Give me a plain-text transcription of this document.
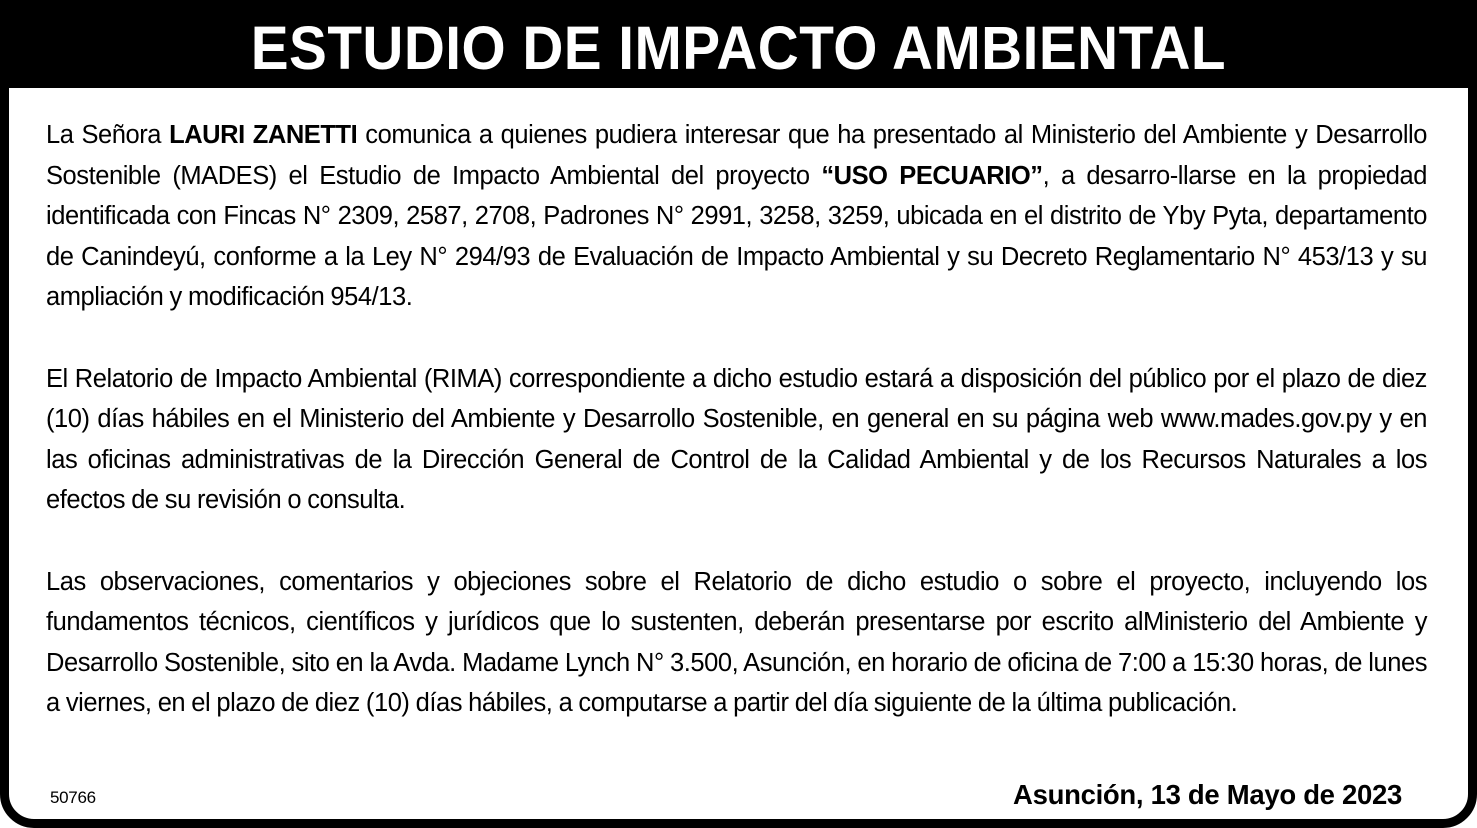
ESTUDIO DE IMPACTO AMBIENTAL

La Señora LAURI ZANETTI comunica a quienes pudiera interesar que ha presentado al Ministerio del Ambiente y Desarrollo Sostenible (MADES) el Estudio de Impacto Ambiental del proyecto “USO PECUARIO”, a desarro-llarse en la propiedad identificada con Fincas N° 2309, 2587, 2708, Padrones N° 2991, 3258, 3259, ubicada en el distrito de Yby Pyta, departamento de Canindeyú, conforme a la Ley N° 294/93 de Evaluación de Impacto Ambiental y su Decreto Reglamentario N° 453/13 y su ampliación y modificación 954/13.

El Relatorio de Impacto Ambiental (RIMA) correspondiente a dicho estudio estará a disposición del público por el plazo de diez (10) días hábiles en el Ministerio del Ambiente y Desarrollo Sostenible, en general en su página web www.mades.gov.py y en las oficinas administrativas de la Dirección General de Control de la Calidad Ambiental y de los Recursos Naturales a los efectos de su revisión o consulta.

Las observaciones, comentarios y objeciones sobre el Relatorio de dicho estudio o sobre el proyecto, incluyendo los fundamentos técnicos, científicos y jurídicos que lo sustenten, deberán presentarse por escrito alMinisterio del Ambiente y Desarrollo Sostenible, sito en la Avda. Madame Lynch N° 3.500, Asunción, en horario de oficina de 7:00 a 15:30 horas, de lunes a viernes, en el plazo de diez (10) días hábiles, a computarse a partir del día siguiente de la última publicación.

50766	Asunción, 13 de Mayo de 2023
